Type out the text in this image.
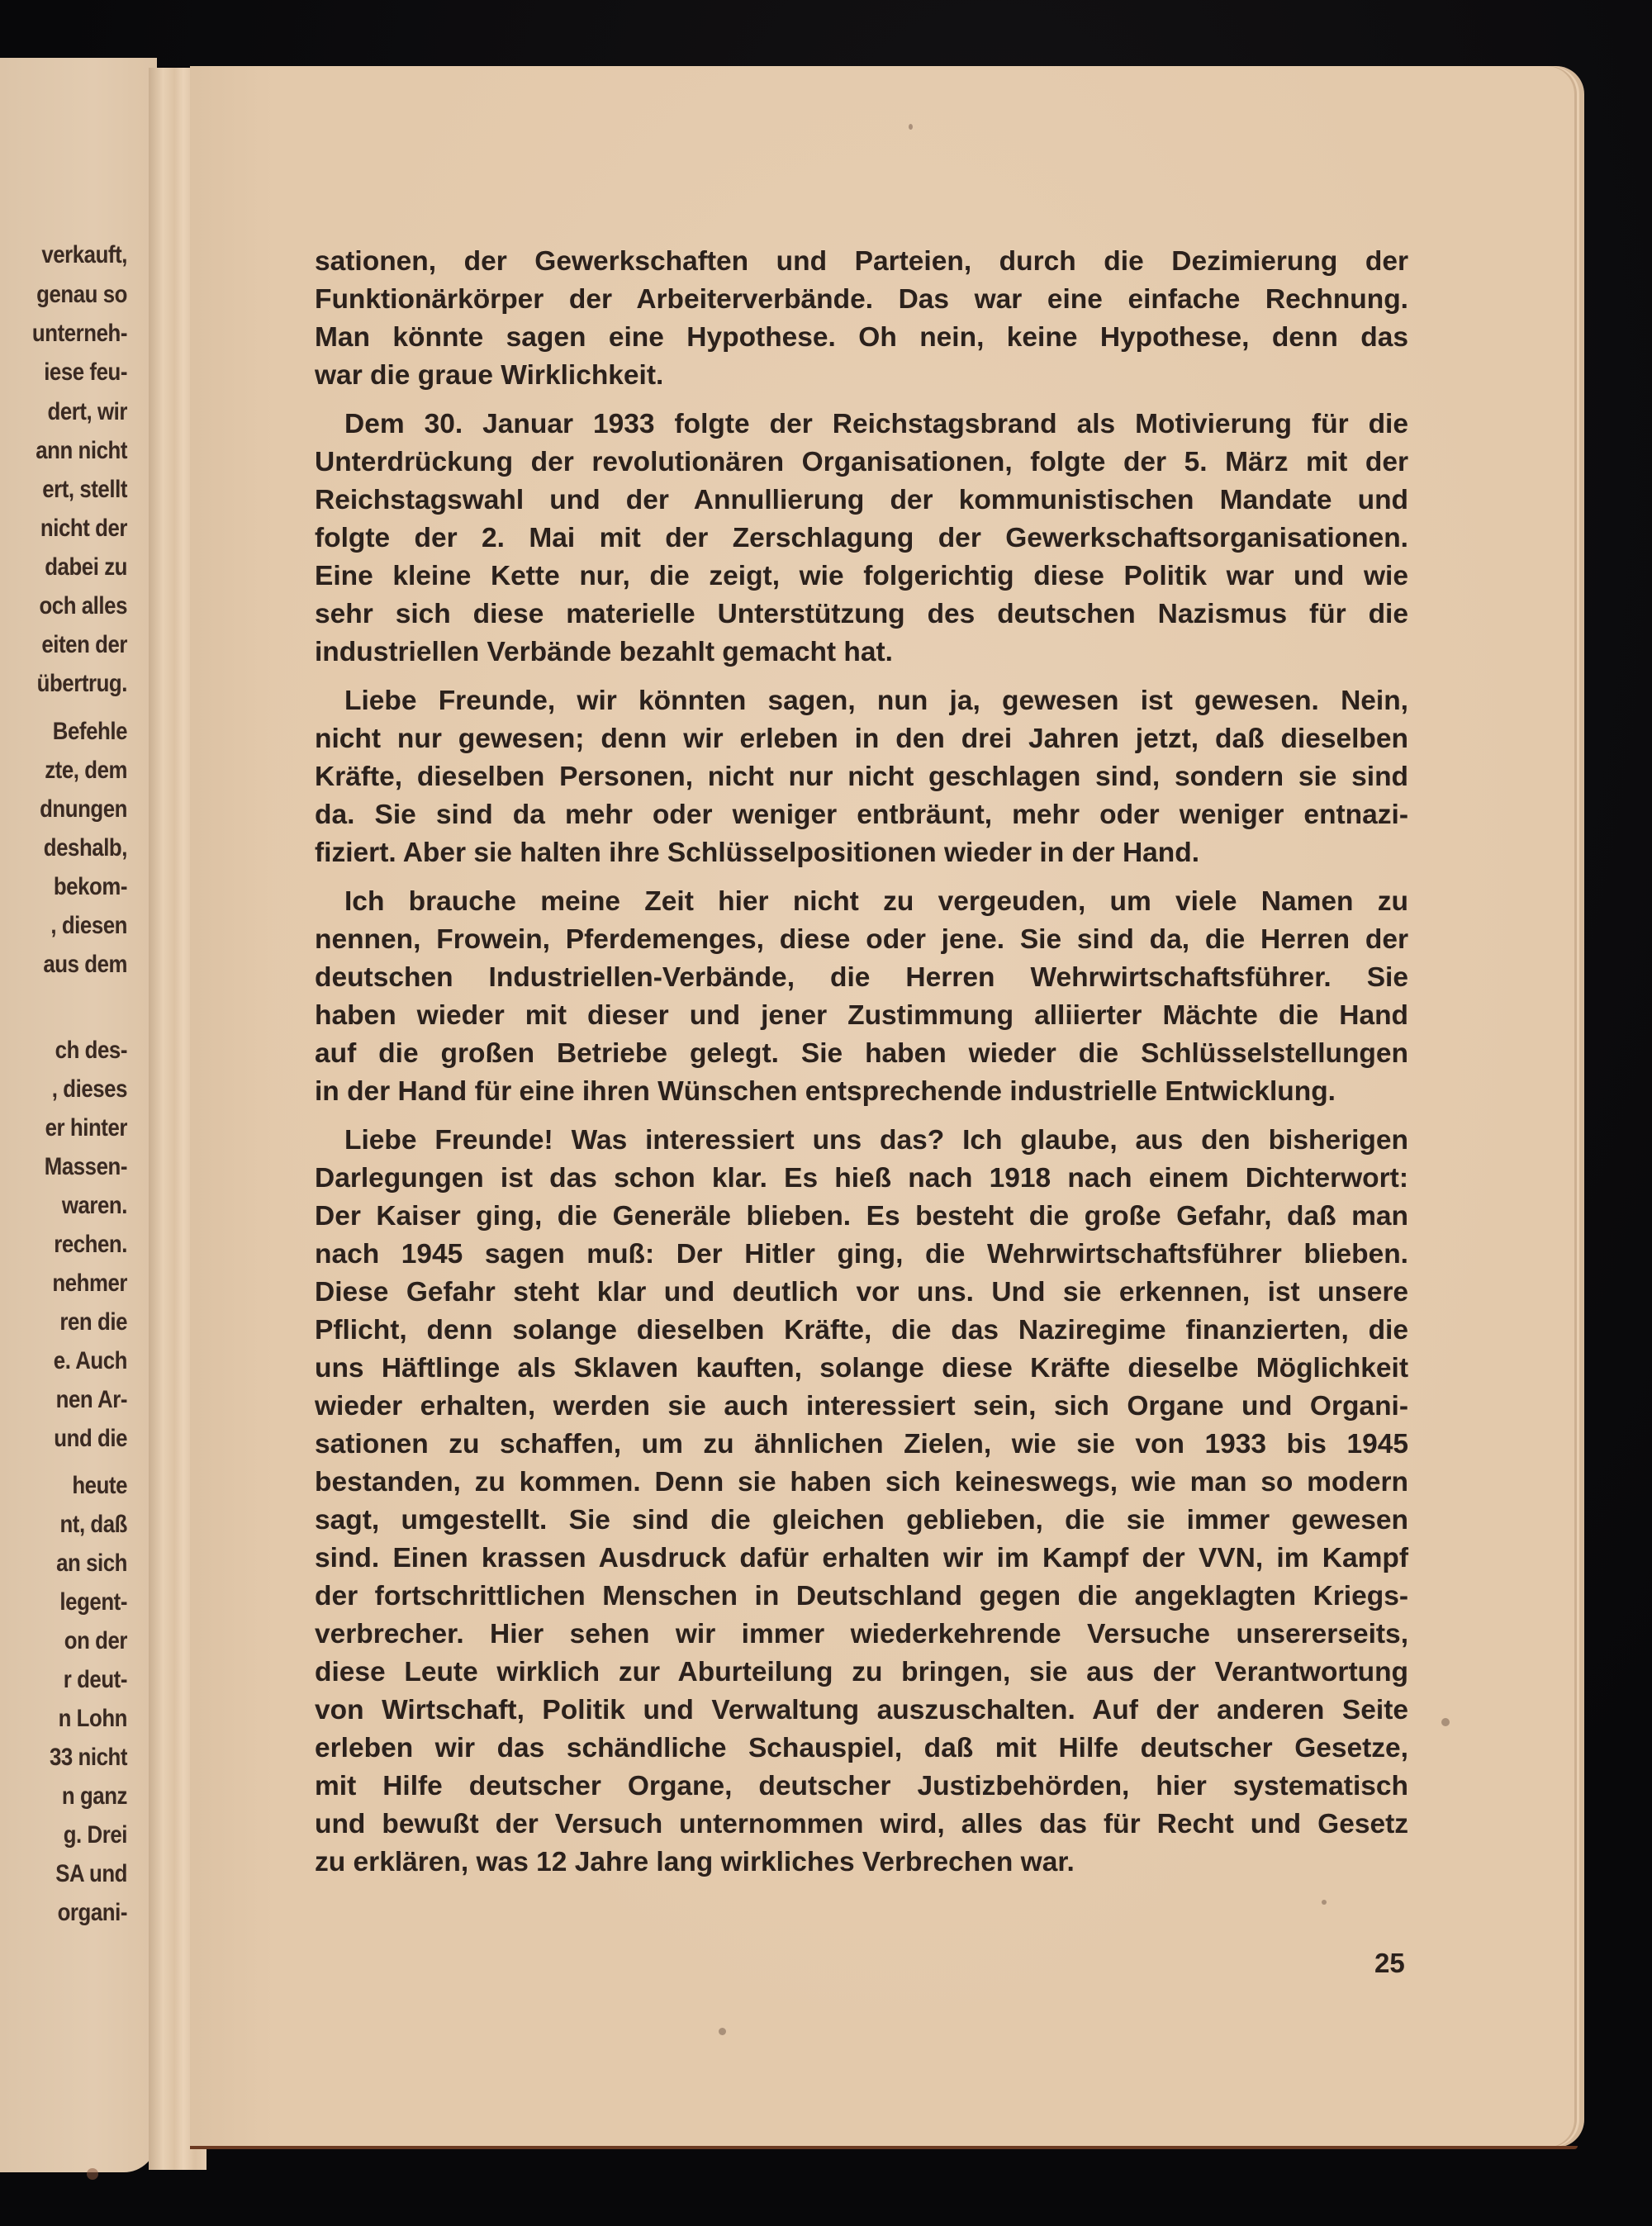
verkauft,
genau so
unterneh-
iese feu-
dert, wir
ann nicht
ert, stellt
nicht der
dabei zu
och alles
eiten der
übertrug.
Befehle
zte, dem
dnungen
deshalb,
bekom-
, diesen
aus dem
ch des-
, dieses
er hinter
Massen-
waren.
rechen.
nehmer
ren die
e. Auch
nen Ar-
und die
heute
nt, daß
an sich
legent-
on der
r deut-
n Lohn
33 nicht
n ganz
g. Drei
SA und
organi-
sationen, der Gewerkschaften und Parteien, durch die Dezimierung der
Funktionärkörper der Arbeiterverbände. Das war eine einfache Rechnung.
Man könnte sagen eine Hypothese. Oh nein, keine Hypothese, denn das
war die graue Wirklichkeit.
Dem 30. Januar 1933 folgte der Reichstagsbrand als Motivierung für die
Unterdrückung der revolutionären Organisationen, folgte der 5. März mit der
Reichstagswahl und der Annullierung der kommunistischen Mandate und
folgte der 2. Mai mit der Zerschlagung der Gewerkschaftsorganisationen.
Eine kleine Kette nur, die zeigt, wie folgerichtig diese Politik war und wie
sehr sich diese materielle Unterstützung des deutschen Nazismus für die
industriellen Verbände bezahlt gemacht hat.
Liebe Freunde, wir könnten sagen, nun ja, gewesen ist gewesen. Nein,
nicht nur gewesen; denn wir erleben in den drei Jahren jetzt, daß dieselben
Kräfte, dieselben Personen, nicht nur nicht geschlagen sind, sondern sie sind
da. Sie sind da mehr oder weniger entbräunt, mehr oder weniger entnazi-
fiziert. Aber sie halten ihre Schlüsselpositionen wieder in der Hand.
Ich brauche meine Zeit hier nicht zu vergeuden, um viele Namen zu
nennen, Frowein, Pferdemenges, diese oder jene. Sie sind da, die Herren der
deutschen Industriellen-Verbände, die Herren Wehrwirtschaftsführer. Sie
haben wieder mit dieser und jener Zustimmung alliierter Mächte die Hand
auf die großen Betriebe gelegt. Sie haben wieder die Schlüsselstellungen
in der Hand für eine ihren Wünschen entsprechende industrielle Entwicklung.
Liebe Freunde! Was interessiert uns das? Ich glaube, aus den bisherigen
Darlegungen ist das schon klar. Es hieß nach 1918 nach einem Dichterwort:
Der Kaiser ging, die Generäle blieben. Es besteht die große Gefahr, daß man
nach 1945 sagen muß: Der Hitler ging, die Wehrwirtschaftsführer blieben.
Diese Gefahr steht klar und deutlich vor uns. Und sie erkennen, ist unsere
Pflicht, denn solange dieselben Kräfte, die das Naziregime finanzierten, die
uns Häftlinge als Sklaven kauften, solange diese Kräfte dieselbe Möglichkeit
wieder erhalten, werden sie auch interessiert sein, sich Organe und Organi-
sationen zu schaffen, um zu ähnlichen Zielen, wie sie von 1933 bis 1945
bestanden, zu kommen. Denn sie haben sich keineswegs, wie man so modern
sagt, umgestellt. Sie sind die gleichen geblieben, die sie immer gewesen
sind. Einen krassen Ausdruck dafür erhalten wir im Kampf der VVN, im Kampf
der fortschrittlichen Menschen in Deutschland gegen die angeklagten Kriegs-
verbrecher. Hier sehen wir immer wiederkehrende Versuche unsererseits,
diese Leute wirklich zur Aburteilung zu bringen, sie aus der Verantwortung
von Wirtschaft, Politik und Verwaltung auszuschalten. Auf der anderen Seite
erleben wir das schändliche Schauspiel, daß mit Hilfe deutscher Gesetze,
mit Hilfe deutscher Organe, deutscher Justizbehörden, hier systematisch
und bewußt der Versuch unternommen wird, alles das für Recht und Gesetz
zu erklären, was 12 Jahre lang wirkliches Verbrechen war.
25
